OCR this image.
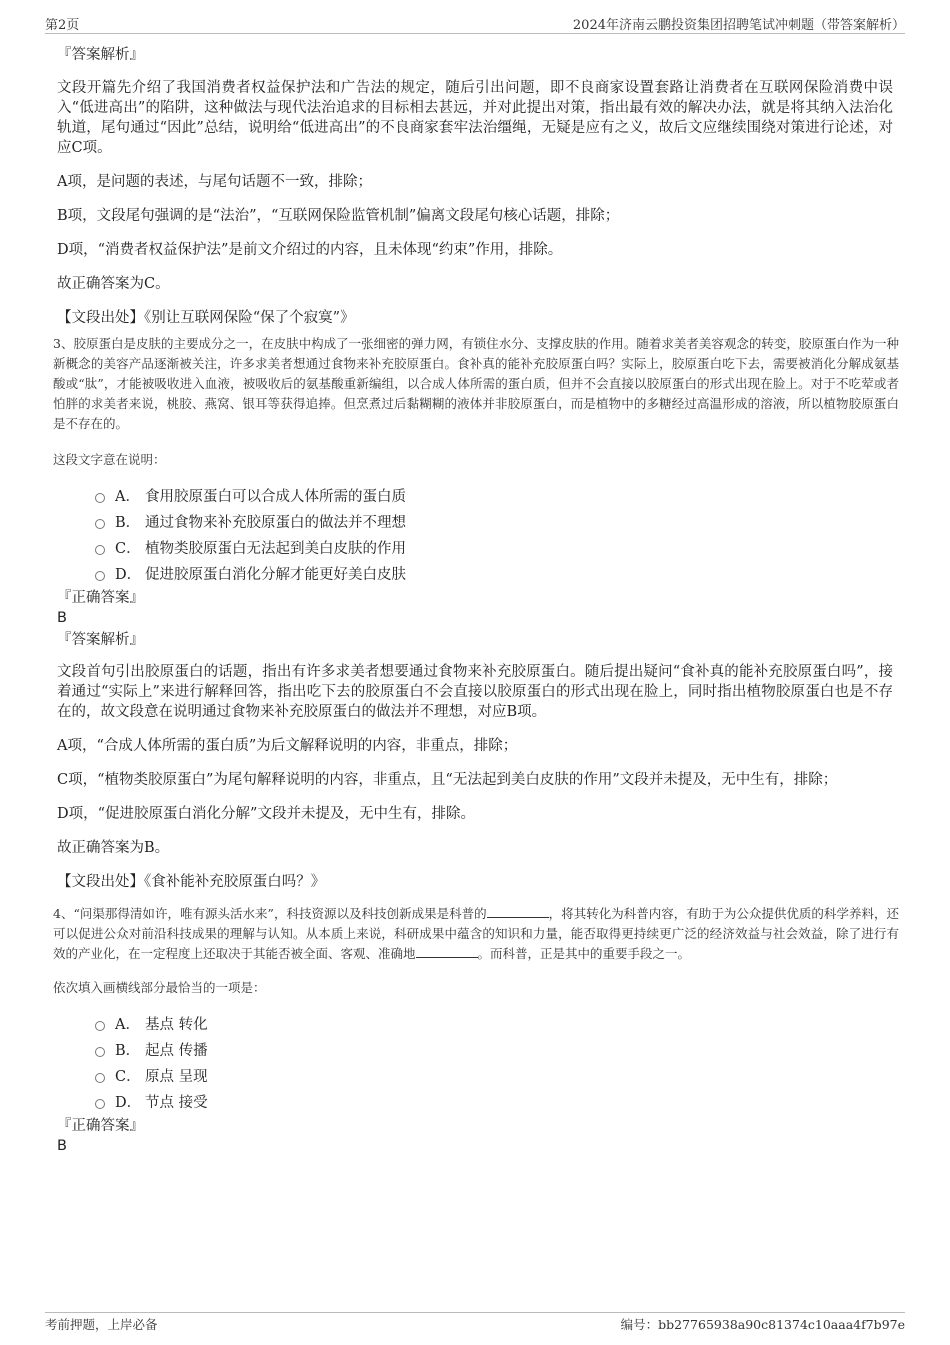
第2页	2024年济南云鹏投资集团招聘笔试冲刺题（带答案解析）
『答案解析』
文段开篇先介绍了我国消费者权益保护法和广告法的规定，随后引出问题，即不良商家设置套路让消费者在互联网保险消费中误入“低进高出”的陷阱，这种做法与现代法治追求的目标相去甚远，并对此提出对策，指出最有效的解决办法，就是将其纳入法治化轨道，尾句通过“因此”总结，说明给“低进高出”的不良商家套牢法治缰绳，无疑是应有之义，故后文应继续围绕对策进行论述，对应C项。
A项，是问题的表述，与尾句话题不一致，排除；
B项，文段尾句强调的是“法治”，“互联网保险监管机制”偏离文段尾句核心话题，排除；
D项，“消费者权益保护法”是前文介绍过的内容，且未体现“约束”作用，排除。
故正确答案为C。
【文段出处】《别让互联网保险“保了个寂寞”》
3、胶原蛋白是皮肤的主要成分之一，在皮肤中构成了一张细密的弹力网，有锁住水分、支撑皮肤的作用。随着求美者美容观念的转变，胶原蛋白作为一种新概念的美容产品逐渐被关注，许多求美者想通过食物来补充胶原蛋白。食补真的能补充胶原蛋白吗？实际上，胶原蛋白吃下去，需要被消化分解成氨基酸或“肽”，才能被吸收进入血液，被吸收后的氨基酸重新编组，以合成人体所需的蛋白质，但并不会直接以胶原蛋白的形式出现在脸上。对于不吃荤或者怕胖的求美者来说，桃胶、燕窝、银耳等获得追捧。但烹煮过后黏糊糊的液体并非胶原蛋白，而是植物中的多糖经过高温形成的溶液，所以植物胶原蛋白是不存在的。
这段文字意在说明：
A． 食用胶原蛋白可以合成人体所需的蛋白质
B． 通过食物来补充胶原蛋白的做法并不理想
C． 植物类胶原蛋白无法起到美白皮肤的作用
D． 促进胶原蛋白消化分解才能更好美白皮肤
『正确答案』
B
『答案解析』
文段首句引出胶原蛋白的话题，指出有许多求美者想要通过食物来补充胶原蛋白。随后提出疑问“食补真的能补充胶原蛋白吗”，接着通过“实际上”来进行解释回答，指出吃下去的胶原蛋白不会直接以胶原蛋白的形式出现在脸上，同时指出植物胶原蛋白也是不存在的，故文段意在说明通过食物来补充胶原蛋白的做法并不理想，对应B项。
A项，“合成人体所需的蛋白质”为后文解释说明的内容，非重点，排除；
C项，“植物类胶原蛋白”为尾句解释说明的内容，非重点，且“无法起到美白皮肤的作用”文段并未提及，无中生有，排除；
D项，“促进胶原蛋白消化分解”文段并未提及，无中生有，排除。
故正确答案为B。
【文段出处】《食补能补充胶原蛋白吗？》
4、“问渠那得清如许，唯有源头活水来”，科技资源以及科技创新成果是科普的	，将其转化为科普内容，有助于为公众提供优质的科学养料，还可以促进公众对前沿科技成果的理解与认知。从本质上来说，科研成果中蕴含的知识和力量，能否取得更持续更广泛的经济效益与社会效益，除了进行有效的产业化，在一定程度上还取决于其能否被全面、客观、准确地	。而科普，正是其中的重要手段之一。
依次填入画横线部分最恰当的一项是：
A． 基点 转化
B． 起点 传播
C． 原点 呈现
D． 节点 接受
『正确答案』
B
考前押题，上岸必备	编号：bb27765938a90c81374c10aaa4f7b97e
